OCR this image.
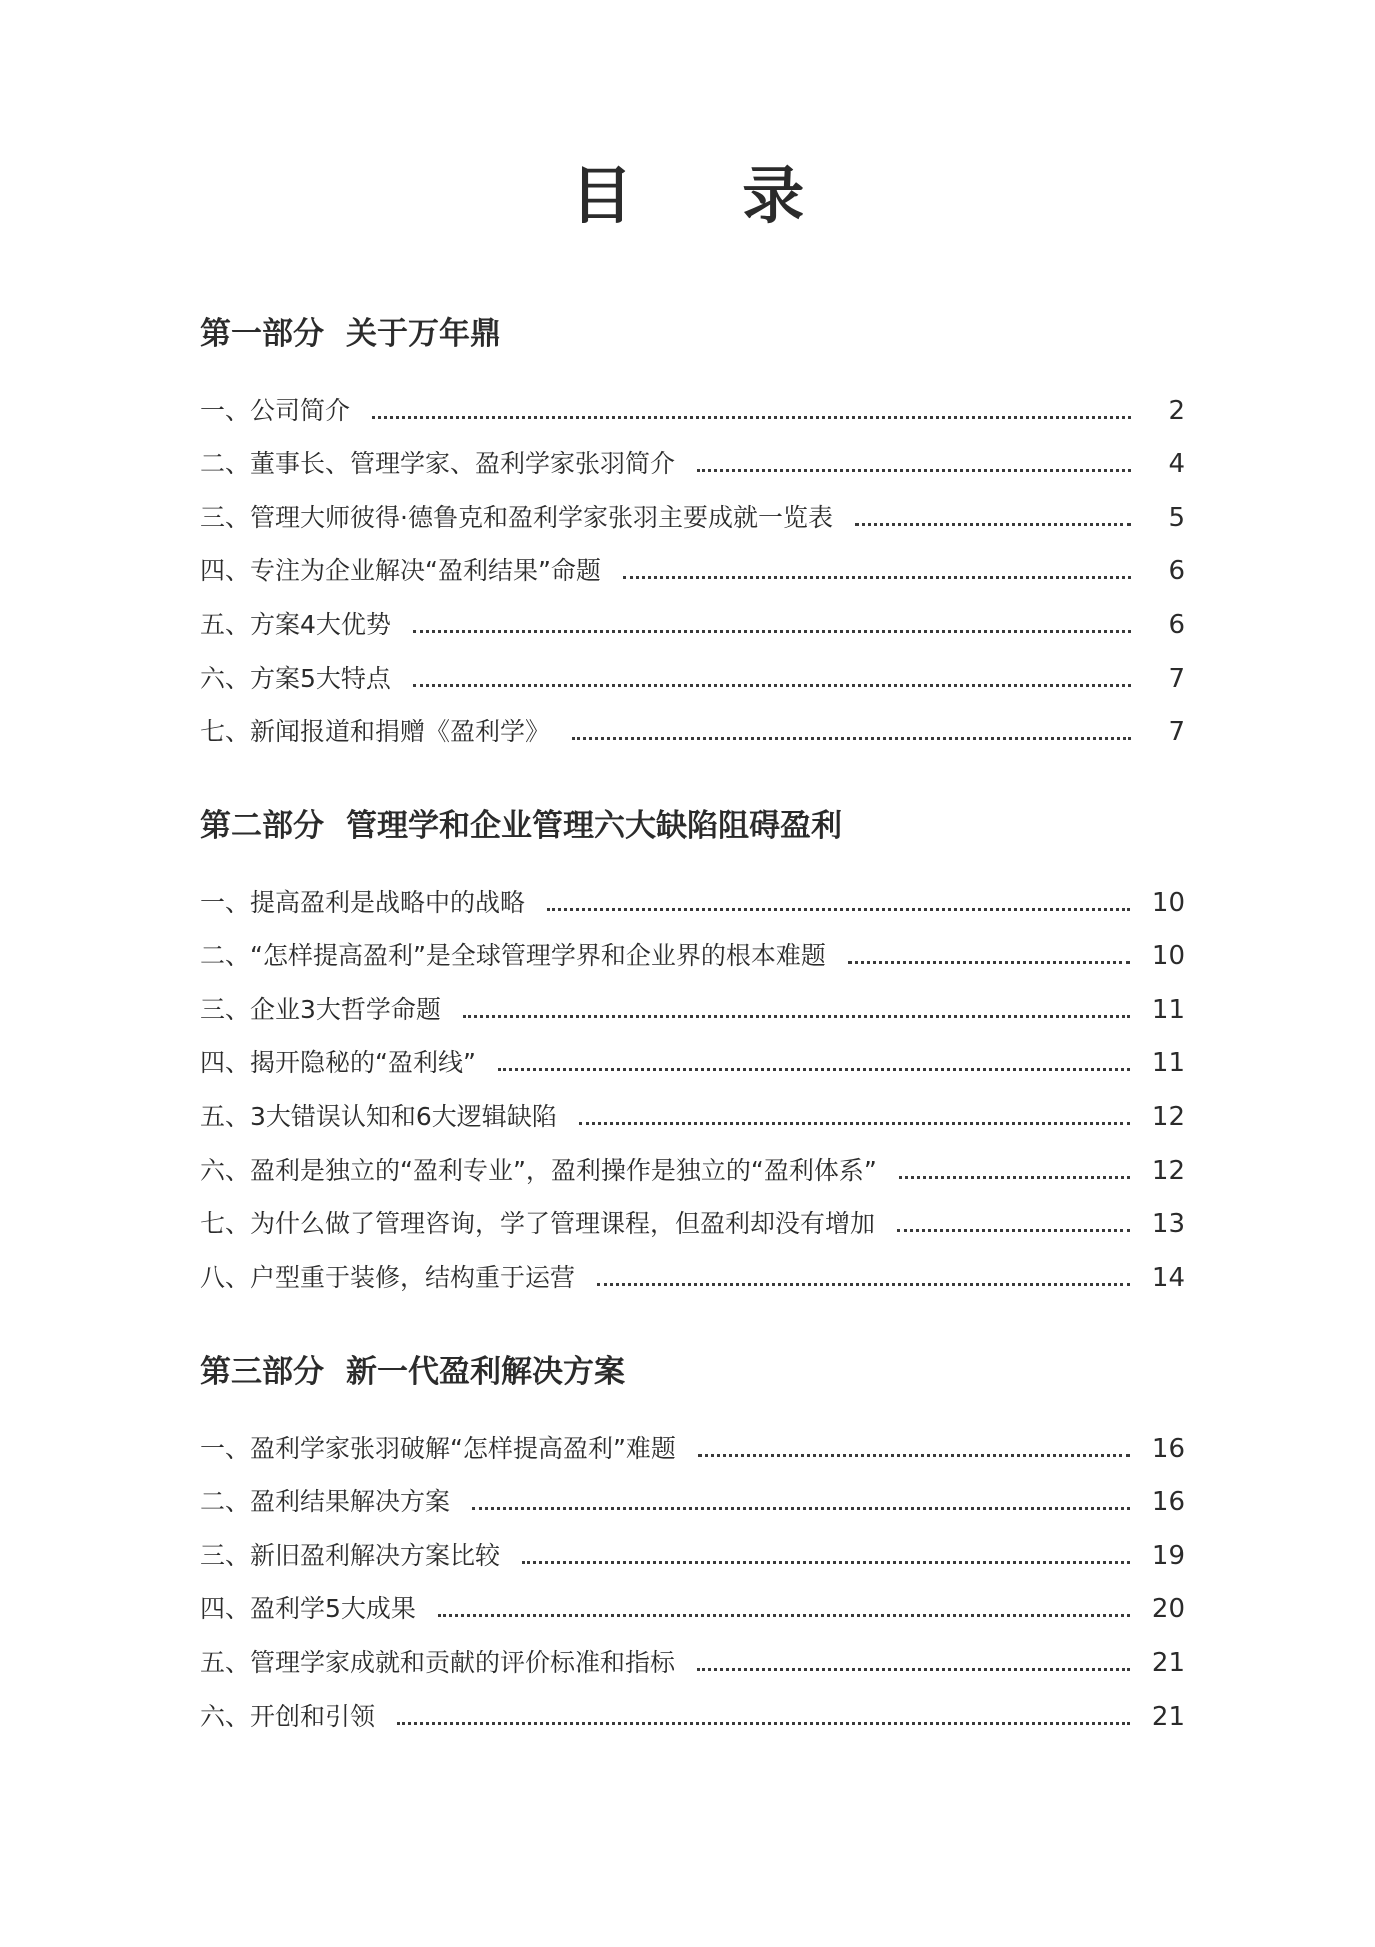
目 录
第一部分 关于万年鼎
一、公司简介	2
二、董事长、管理学家、盈利学家张羽简介	4
三、管理大师彼得·德鲁克和盈利学家张羽主要成就一览表	5
四、专注为企业解决“盈利结果”命题	6
五、方案4大优势	6
六、方案5大特点	7
七、新闻报道和捐赠《盈利学》	7
第二部分 管理学和企业管理六大缺陷阻碍盈利
一、提高盈利是战略中的战略	10
二、“怎样提高盈利”是全球管理学界和企业界的根本难题	10
三、企业3大哲学命题	11
四、揭开隐秘的“盈利线”	11
五、3大错误认知和6大逻辑缺陷	12
六、盈利是独立的“盈利专业”，盈利操作是独立的“盈利体系”	12
七、为什么做了管理咨询，学了管理课程，但盈利却没有增加	13
八、户型重于装修，结构重于运营	14
第三部分 新一代盈利解决方案
一、盈利学家张羽破解“怎样提高盈利”难题	16
二、盈利结果解决方案	16
三、新旧盈利解决方案比较	19
四、盈利学5大成果	20
五、管理学家成就和贡献的评价标准和指标	21
六、开创和引领	21
